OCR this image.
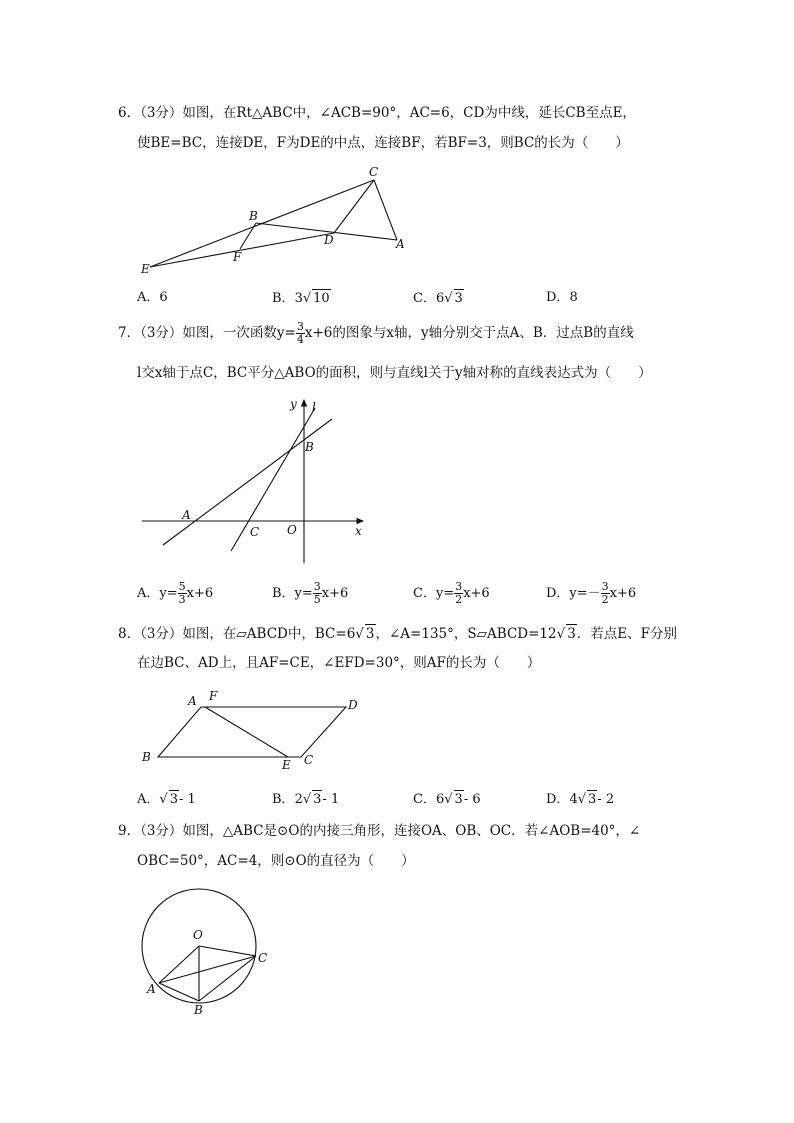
6．（3分）如图，在Rt△ABC中，∠ACB=90°，AC=6，CD为中线，延长CB至点E，
使BE=BC，连接DE，F为DE的中点，连接BF，若BF=3，则BC的长为（　　）
C
B
D	A
E
F
A．6	B．3√ 10	C．6√ 3	D．8
7．（3分）如图，一次函数$y= \frac{3}{4} x+6$的图象与x轴，y轴分别交于点A、B．过点B的直线
l交x轴于点C，BC平分△ABO的面积，则与直线l关于y轴对称的直线表达式为（　　）
y l
B
A
C O	x
A．$y= \frac{5}{3} x+6$	B．$y= \frac{3}{5} x+6$	C．$y= \frac{3}{2} x+6$	D．$y=- \frac{3}{2} x+6$
8．（3分）如图，在▱ABCD中，BC=6√ 3，∠A=135°，S▱ABCD=12√ 3．若点E、F分别
在边BC、AD上，且AF=CE，∠EFD=30°，则AF的长为（　　）
A F
D
B
E C
A．√ 3- 1	B．2√ 3- 1	C．6√ 3- 6	D．4√ 3- 2
9．（3分）如图，△ABC是⊙O的内接三角形，连接OA、OB、OC．若∠AOB=40°，∠
OBC=50°，AC=4，则⊙O的直径为（　　）
O
C
A
B
